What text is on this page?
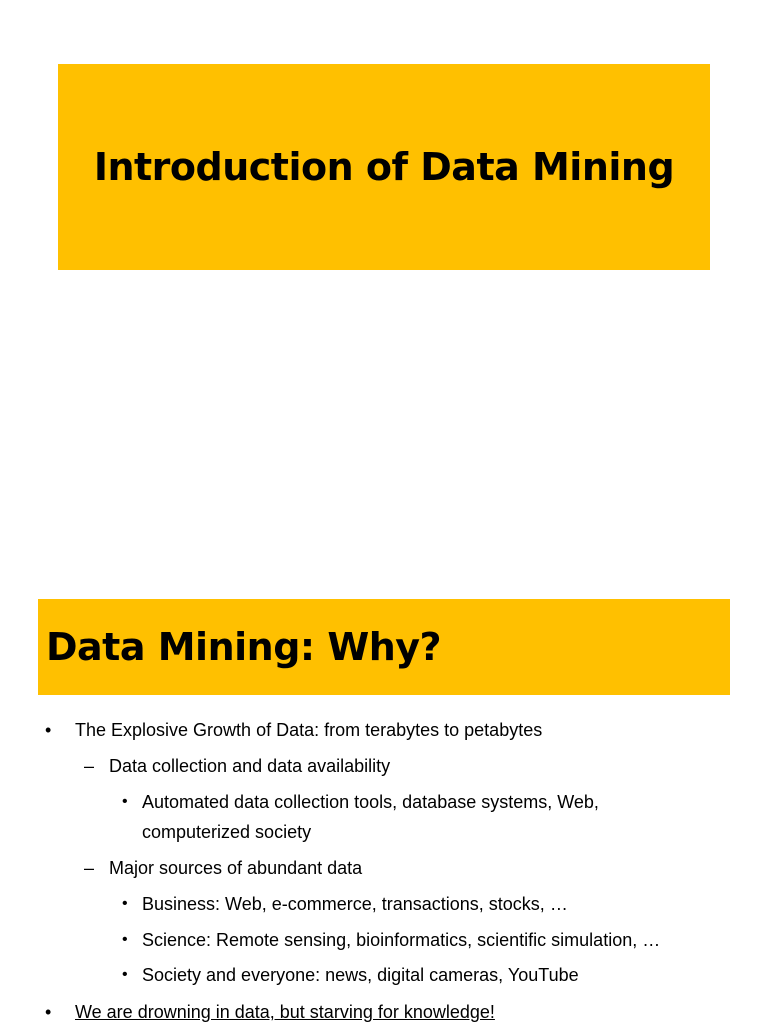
Introduction of Data Mining
Data Mining: Why?
• The Explosive Growth of Data: from terabytes to petabytes
– Data collection and data availability
• Automated data collection tools, database systems, Web,
computerized society
– Major sources of abundant data
• Business: Web, e-commerce, transactions, stocks, …
• Science: Remote sensing, bioinformatics, scientific simulation, …
• Society and everyone: news, digital cameras, YouTube
• We are drowning in data, but starving for knowledge!
